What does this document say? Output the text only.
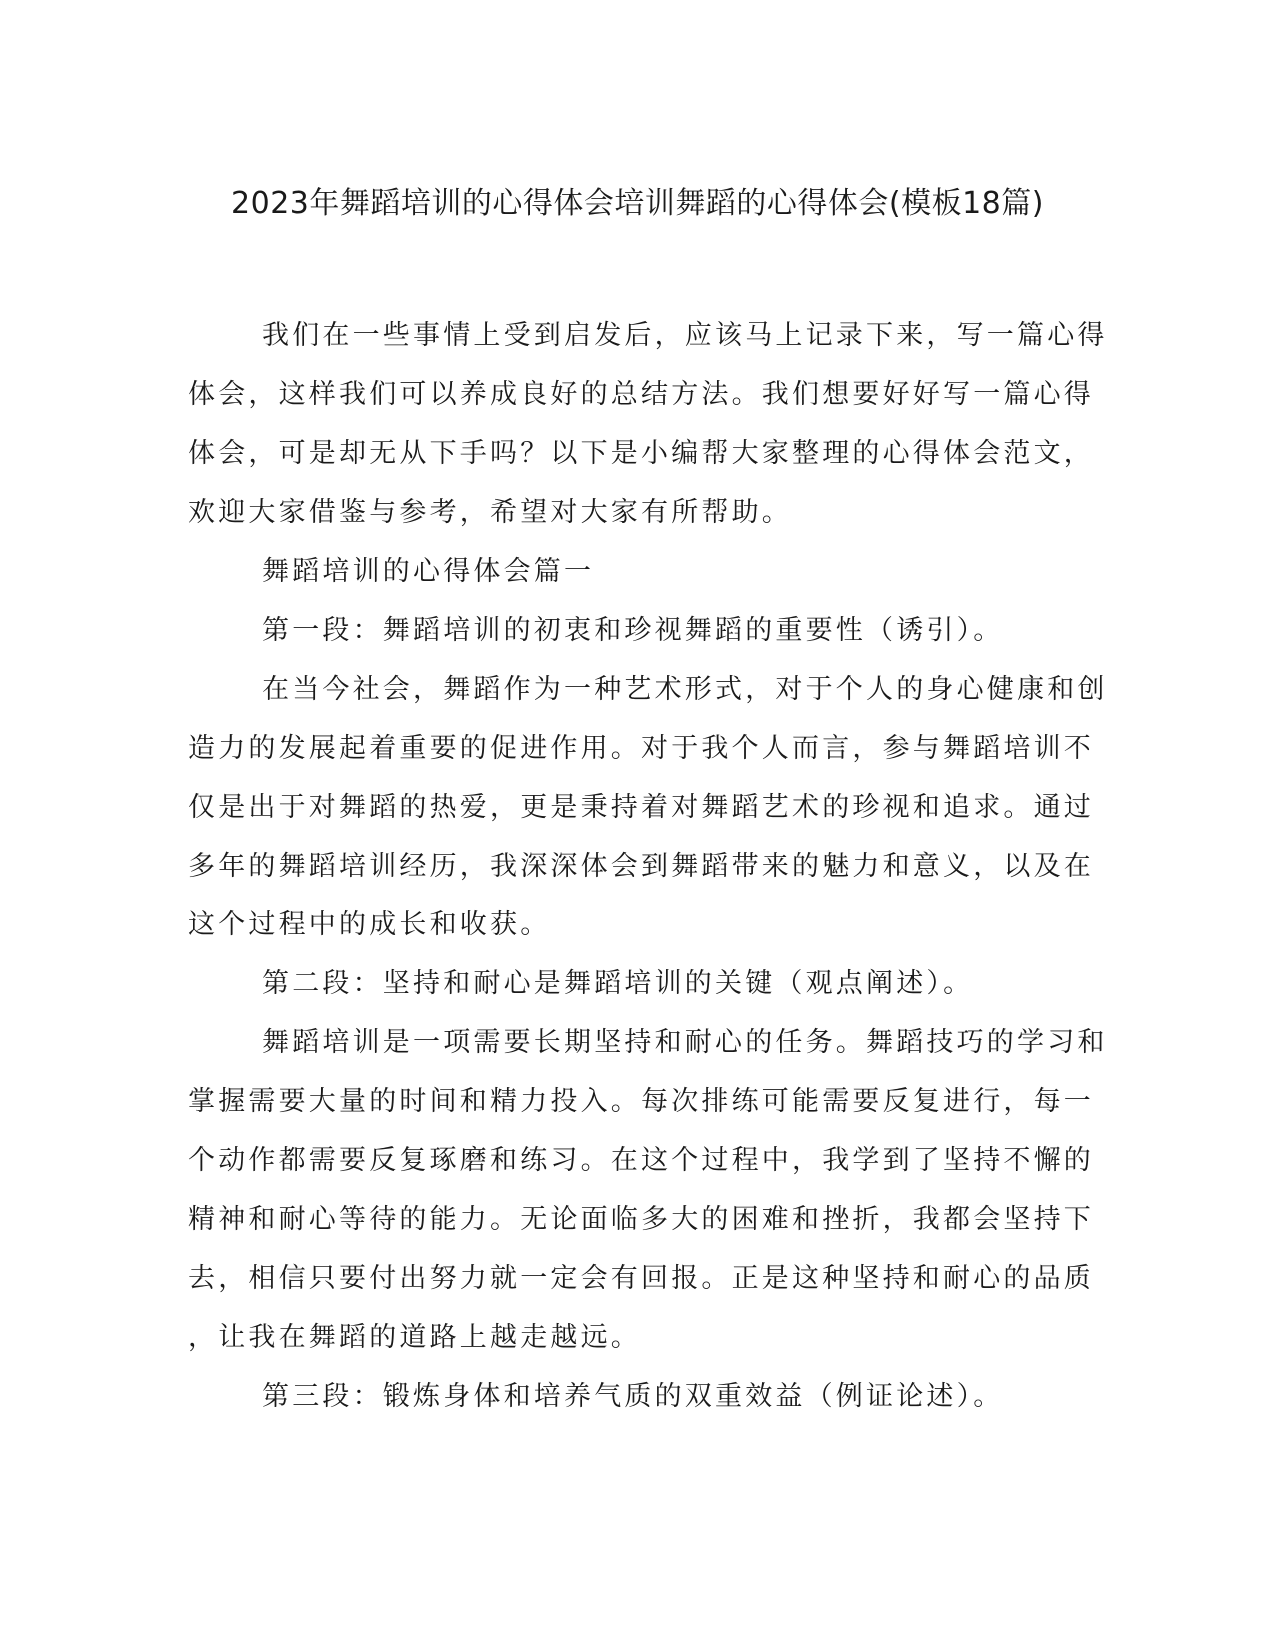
2023年舞蹈培训的心得体会培训舞蹈的心得体会(模板18篇)
我们在一些事情上受到启发后，应该马上记录下来，写一篇心得
体会，这样我们可以养成良好的总结方法。我们想要好好写一篇心得
体会，可是却无从下手吗？以下是小编帮大家整理的心得体会范文，
欢迎大家借鉴与参考，希望对大家有所帮助。
舞蹈培训的心得体会篇一
第一段：舞蹈培训的初衷和珍视舞蹈的重要性（诱引）。
在当今社会，舞蹈作为一种艺术形式，对于个人的身心健康和创
造力的发展起着重要的促进作用。对于我个人而言，参与舞蹈培训不
仅是出于对舞蹈的热爱，更是秉持着对舞蹈艺术的珍视和追求。通过
多年的舞蹈培训经历，我深深体会到舞蹈带来的魅力和意义，以及在
这个过程中的成长和收获。
第二段：坚持和耐心是舞蹈培训的关键（观点阐述）。
舞蹈培训是一项需要长期坚持和耐心的任务。舞蹈技巧的学习和
掌握需要大量的时间和精力投入。每次排练可能需要反复进行，每一
个动作都需要反复琢磨和练习。在这个过程中，我学到了坚持不懈的
精神和耐心等待的能力。无论面临多大的困难和挫折，我都会坚持下
去，相信只要付出努力就一定会有回报。正是这种坚持和耐心的品质
，让我在舞蹈的道路上越走越远。
第三段：锻炼身体和培养气质的双重效益（例证论述）。
